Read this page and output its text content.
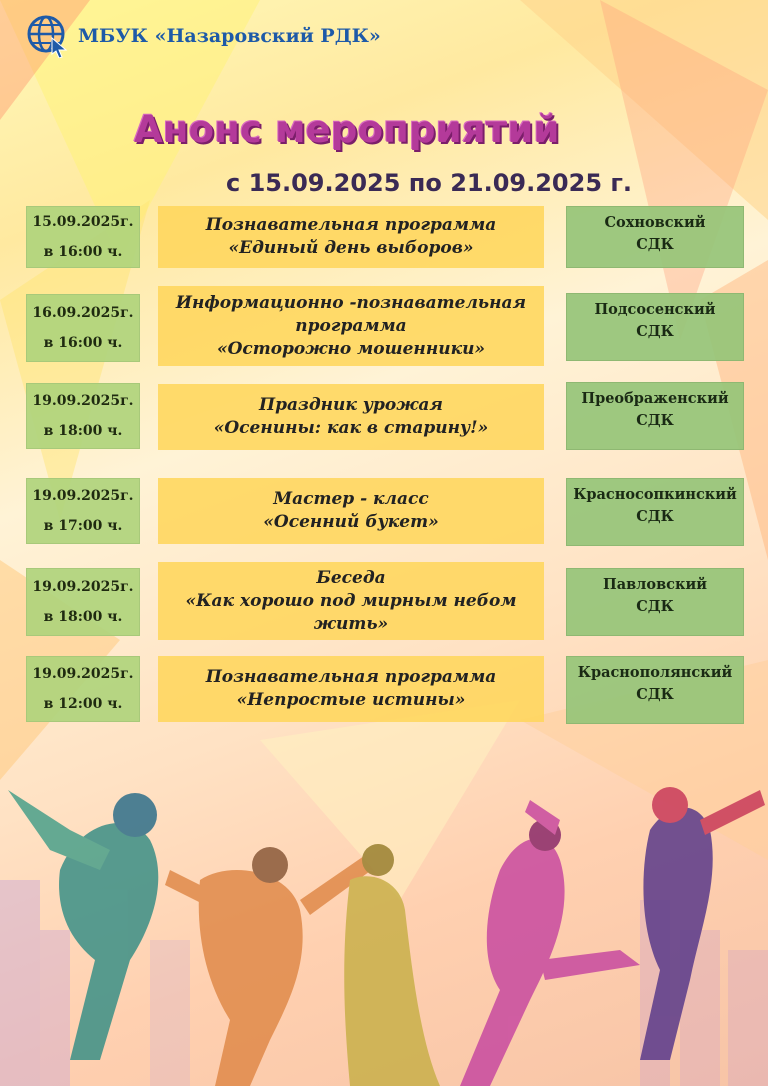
МБУК «Назаровский РДК»
Анонс мероприятий
с 15.09.2025 по 21.09.2025 г.
15.09.2025г.
в 16:00 ч.
Познавательная программа
«Единый день выборов»
Сохновский
СДК
16.09.2025г.
в 16:00 ч.
Информационно -познавательная
программа
«Осторожно мошенники»
Подсосенский
СДК
19.09.2025г.
в 18:00 ч.
Праздник урожая
«Осенины: как в старину!»
Преображенский
СДК
19.09.2025г.
в 17:00 ч.
Мастер - класс
«Осенний букет»
Красносопкинский
СДК
19.09.2025г.
в 18:00 ч.
Беседа
«Как хорошо под мирным небом
жить»
Павловский
СДК
19.09.2025г.
в 12:00 ч.
Познавательная программа
«Непростые истины»
Краснополянский
СДК
